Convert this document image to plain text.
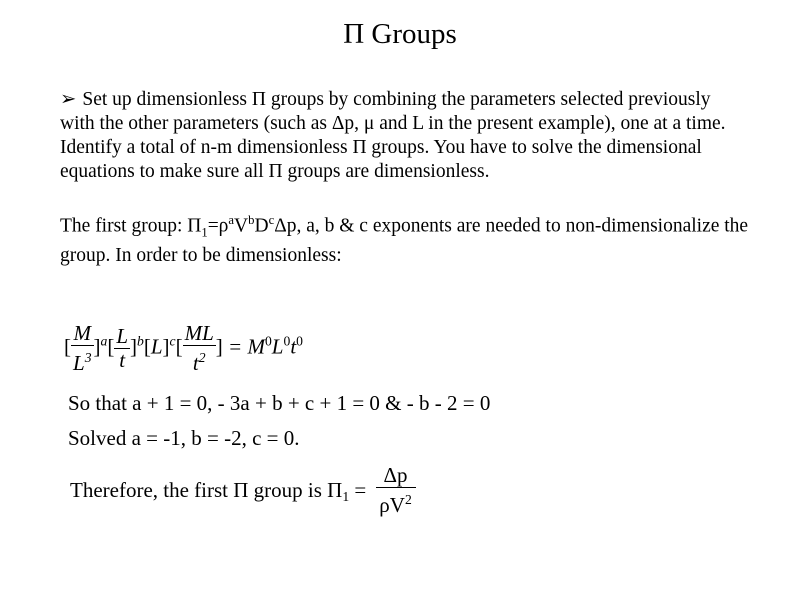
Π Groups

➢ Set up dimensionless Π groups by combining the parameters selected previously with the other parameters (such as Δp, μ and L in the present example), one at a time. Identify a total of n-m dimensionless Π groups. You have to solve the dimensional equations to make sure all Π groups are dimensionless.

The first group: $\Pi_1=\rho^aV^bD^c\Delta p$, a, b & c exponents are needed to non-dimensionalize the group. In order to be dimensionless:

[ $\frac{M}{L^3} ]^a[ \frac{L}{t} ]^b[L]^c[ \frac{ML}{t^2}$ ] = $M^0L^0t^0$
So that a + 1 = 0, - 3a + b + c + 1 = 0 & - b - 2 = 0
Solved a = -1, b = -2, c = 0.
Therefore, the first Π group is $\Pi_1 = \frac{\Delta p}{\rho V^2}$
